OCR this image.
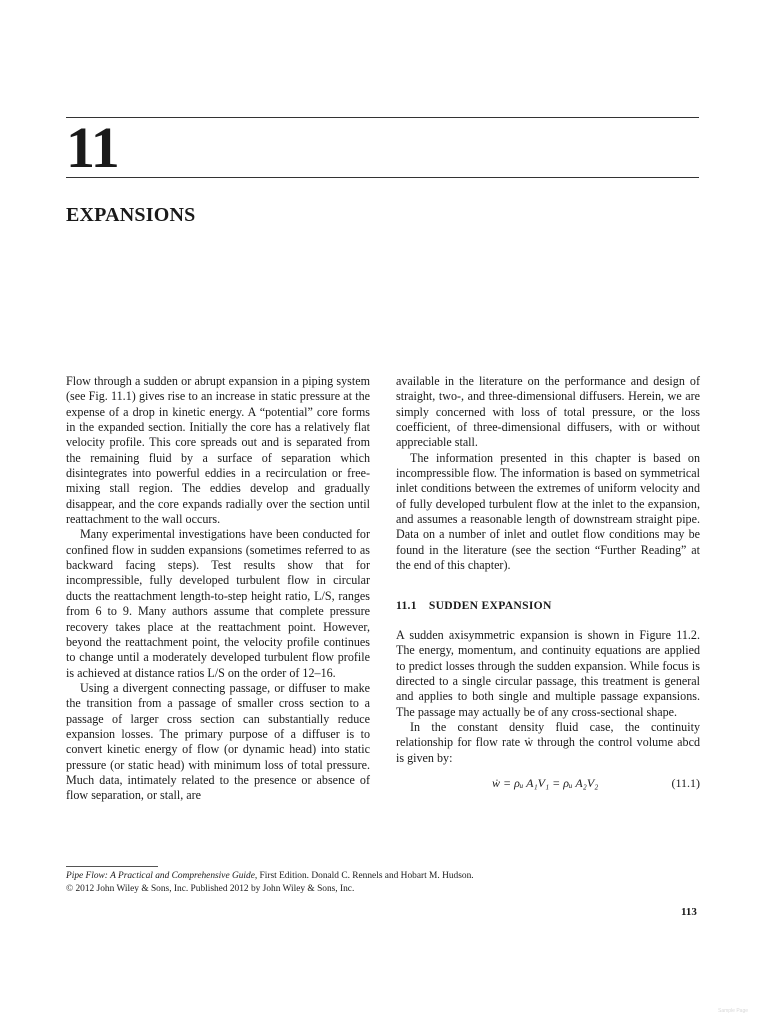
11
EXPANSIONS

Flow through a sudden or abrupt expansion in a piping system (see Fig. 11.1) gives rise to an increase in static pressure at the expense of a drop in kinetic energy. A “potential” core forms in the expanded section. Initially the core has a relatively flat velocity profile. This core spreads out and is separated from the remaining fluid by a surface of separation which disintegrates into powerful eddies in a recirculation or free-mixing stall region. The eddies develop and gradually disappear, and the core expands radially over the section until reattachment to the wall occurs.

Many experimental investigations have been conducted for confined flow in sudden expansions (sometimes referred to as backward facing steps). Test results show that for incompressible, fully developed turbulent flow in circular ducts the reattachment length-to-step height ratio, L/S, ranges from 6 to 9. Many authors assume that complete pressure recovery takes place at the reattachment point. However, beyond the reattachment point, the velocity profile continues to change until a moderately developed turbulent flow profile is achieved at distance ratios L/S on the order of 12–16.

Using a divergent connecting passage, or diffuser to make the transition from a passage of smaller cross section to a passage of larger cross section can substantially reduce expansion losses. The primary purpose of a diffuser is to convert kinetic energy of flow (or dynamic head) into static pressure (or static head) with minimum loss of total pressure. Much data, intimately related to the presence or absence of flow separation, or stall, are

available in the literature on the performance and design of straight, two-, and three-dimensional diffusers. Herein, we are simply concerned with loss of total pressure, or the loss coefficient, of three-dimensional diffusers, with or without appreciable stall.

The information presented in this chapter is based on incompressible flow. The information is based on symmetrical inlet conditions between the extremes of uniform velocity and of fully developed turbulent flow at the inlet to the expansion, and assumes a reasonable length of downstream straight pipe. Data on a number of inlet and outlet flow conditions may be found in the literature (see the section “Further Reading” at the end of this chapter).

11.1 SUDDEN EXPANSION

A sudden axisymmetric expansion is shown in Figure 11.2. The energy, momentum, and continuity equations are applied to predict losses through the sudden expansion. While focus is directed to a single circular passage, this treatment is general and applies to both single and multiple passage expansions. The passage may actually be of any cross-sectional shape.

In the constant density fluid case, the continuity relationship for flow rate ẇ through the control volume abcd is given by:

ẇ = ρᵤ A₁V₁ = ρᵤ A₂V₂	(11.1)
Pipe Flow: A Practical and Comprehensive Guide, First Edition. Donald C. Rennels and Hobart M. Hudson.
© 2012 John Wiley & Sons, Inc. Published 2012 by John Wiley & Sons, Inc.
113
Sample Page
